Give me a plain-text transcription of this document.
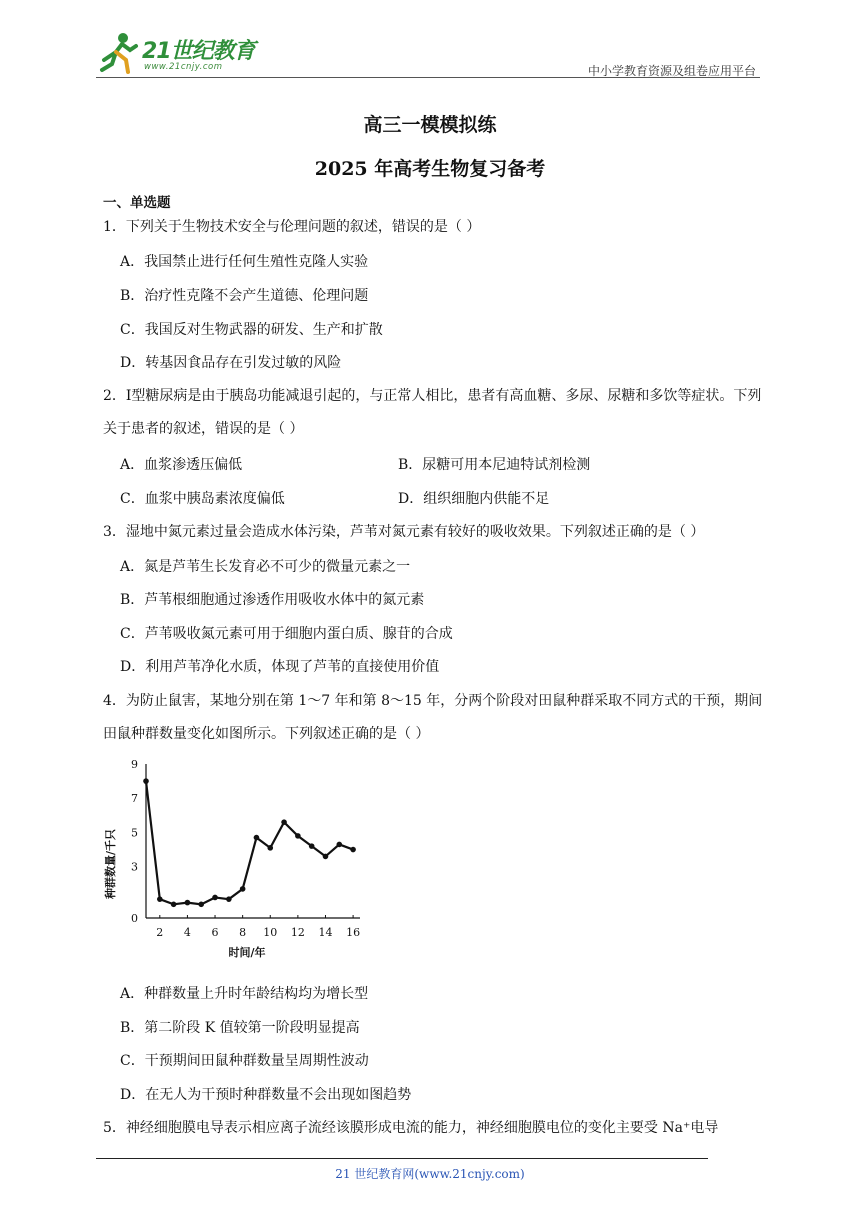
21世纪教育
www.21cnjy.com	中小学教育资源及组卷应用平台
高三一模模拟练
2025 年高考生物复习备考
一、单选题
1．下列关于生物技术安全与伦理问题的叙述，错误的是（ ）
A．我国禁止进行任何生殖性克隆人实验
B．治疗性克隆不会产生道德、伦理问题
C．我国反对生物武器的研发、生产和扩散
D．转基因食品存在引发过敏的风险
2．Ⅰ型糖尿病是由于胰岛功能减退引起的，与正常人相比，患者有高血糖、多尿、尿糖和多饮等症状。下列关于患者的叙述，错误的是（ ）
A．血浆渗透压偏低	B．尿糖可用本尼迪特试剂检测
C．血浆中胰岛素浓度偏低	D．组织细胞内供能不足
3．湿地中氮元素过量会造成水体污染，芦苇对氮元素有较好的吸收效果。下列叙述正确的是（ ）
A．氮是芦苇生长发育必不可少的微量元素之一
B．芦苇根细胞通过渗透作用吸收水体中的氮元素
C．芦苇吸收氮元素可用于细胞内蛋白质、腺苷的合成
D．利用芦苇净化水质，体现了芦苇的直接使用价值
4．为防止鼠害，某地分别在第 1～7 年和第 8～15 年，分两个阶段对田鼠种群采取不同方式的干预，期间田鼠种群数量变化如图所示。下列叙述正确的是（ ）
0
3
5
7
9
2 4 6 8 10 12 14 16
时间/年
种群数量/千只
A．种群数量上升时年龄结构均为增长型
B．第二阶段 K 值较第一阶段明显提高
C．干预期间田鼠种群数量呈周期性波动
D．在无人为干预时种群数量不会出现如图趋势
5．神经细胞膜电导表示相应离子流经该膜形成电流的能力，神经细胞膜电位的变化主要受 Na⁺电导
21 世纪教育网(www.21cnjy.com)
